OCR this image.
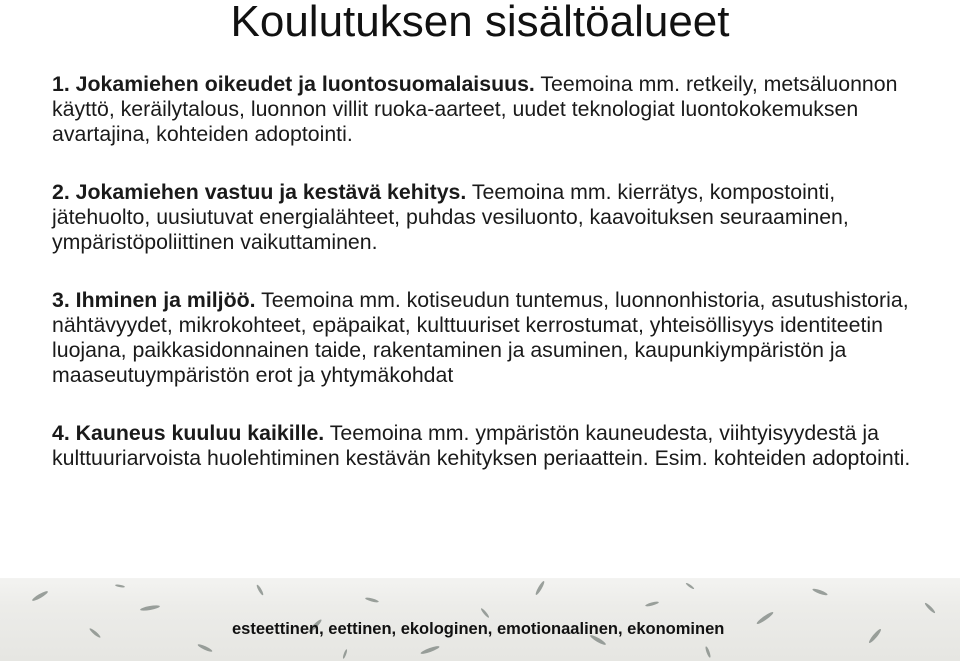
Koulutuksen sisältöalueet

1. Jokamiehen oikeudet ja luontosuomalaisuus. Teemoina mm. retkeily, metsäluonnon käyttö, keräilytalous, luonnon villit ruoka-aarteet, uudet teknologiat luontokokemuksen avartajina, kohteiden adoptointi.

2. Jokamiehen vastuu ja kestävä kehitys. Teemoina mm. kierrätys, kompostointi, jätehuolto, uusiutuvat energialähteet, puhdas vesiluonto, kaavoituksen seuraaminen, ympäristöpoliittinen vaikuttaminen.

3. Ihminen ja miljöö. Teemoina mm. kotiseudun tuntemus, luonnonhistoria, asutushistoria, nähtävyydet, mikrokohteet, epäpaikat, kulttuuriset kerrostumat, yhteisöllisyys identiteetin luojana, paikkasidonnainen taide, rakentaminen ja asuminen, kaupunkiympäristön ja maaseutuympäristön erot ja yhtymäkohdat

4. Kauneus kuuluu kaikille. Teemoina mm. ympäristön kauneudesta, viihtyisyydestä ja kulttuuriarvoista huolehtiminen kestävän kehityksen periaattein. Esim. kohteiden adoptointi.

esteettinen, eettinen, ekologinen, emotionaalinen, ekonominen
